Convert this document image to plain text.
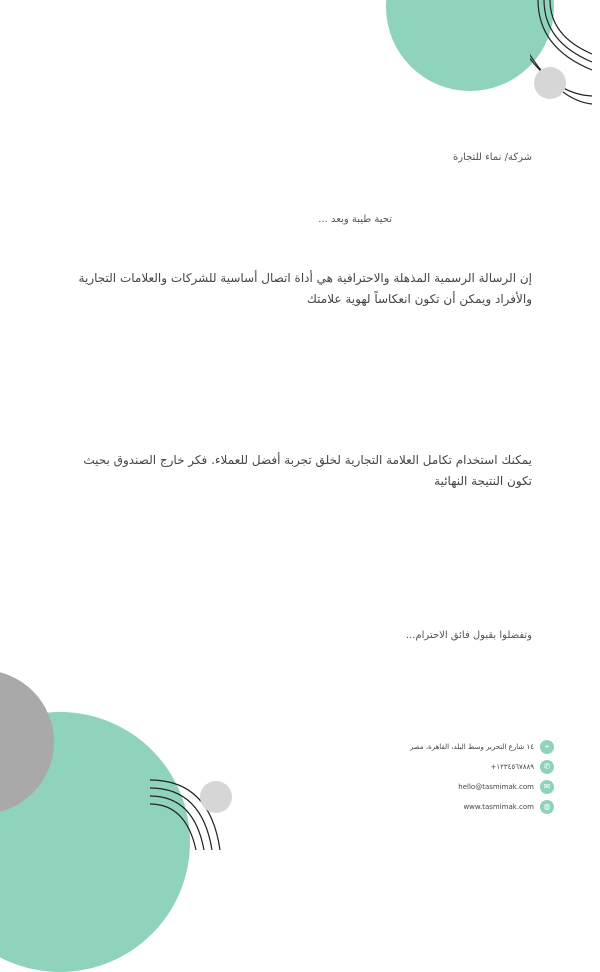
شركة/ نماء للتجارة
تحية طيبة وبعد ...
إن الرسالة الرسمية المذهلة والاحترافية هي أداة اتصال أساسية للشركات والعلامات التجارية والأفراد ويمكن أن تكون انعكاساً لهوية علامتك
يمكنك استخدام تكامل العلامة التجارية لخلق تجربة أفضل للعملاء. فكر خارج الصندوق بحيث تكون النتيجة النهائية
وتفضلوا بقبول فائق الاحترام...
⌖
١٤ شارع التحرير وسط البلد، القاهرة، مصر
✆
+١٢٣٤٥٦٧٨٨٩
✉
hello@tasmimak.com
◍
www.tasmimak.com
